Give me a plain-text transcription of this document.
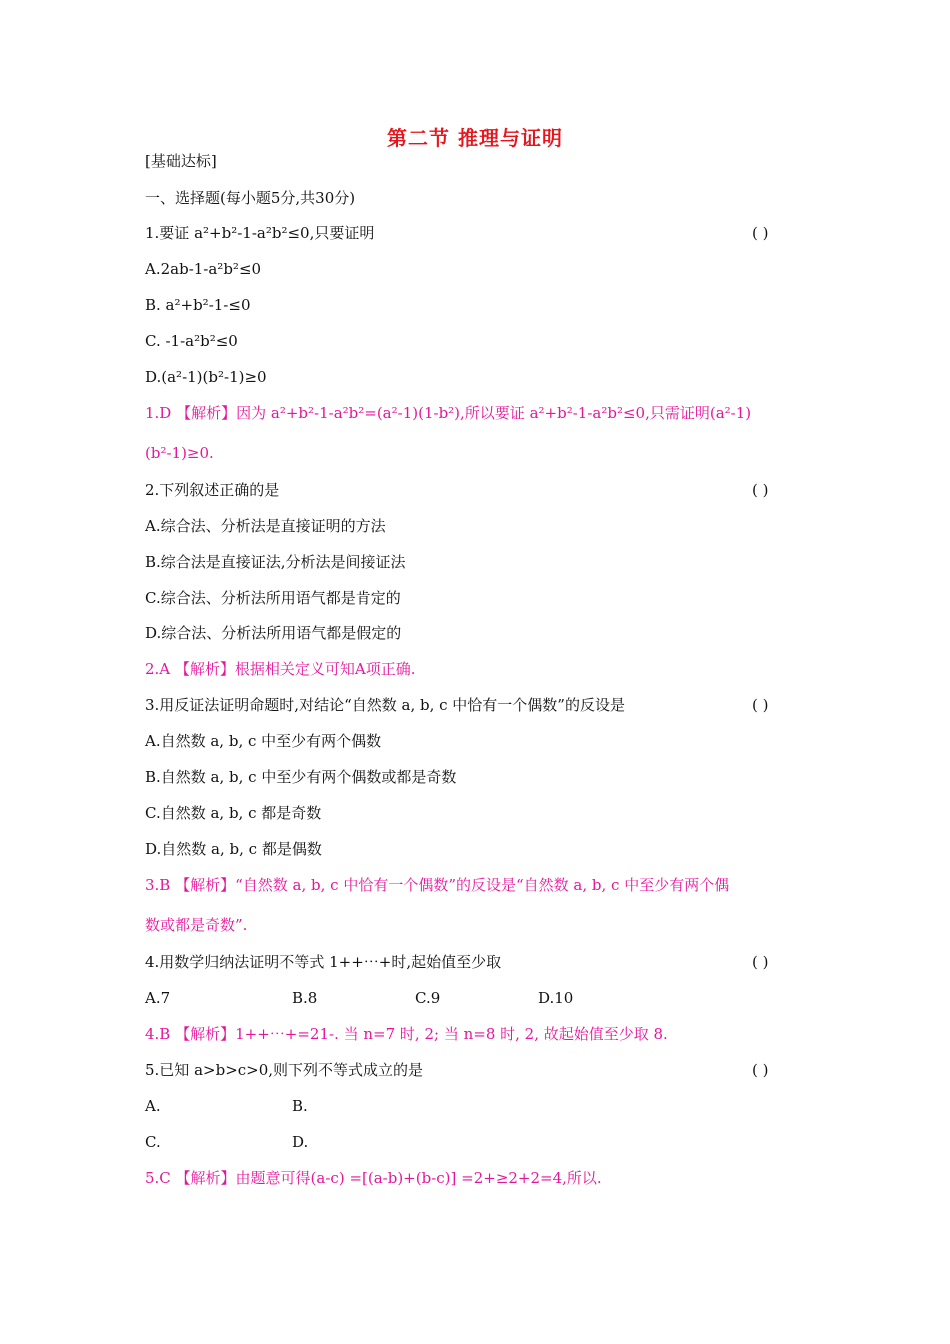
第二节 推理与证明
[基础达标]
一、选择题(每小题5分,共30分)
1.要证 a²+b²-1-a²b²≤0,只要证明	( )
A.2ab-1-a²b²≤0
B. a²+b²-1-≤0
C. -1-a²b²≤0
D.(a²-1)(b²-1)≥0
1.D 【解析】因为 a²+b²-1-a²b²=(a²-1)(1-b²),所以要证 a²+b²-1-a²b²≤0,只需证明(a²-1)
(b²-1)≥0.
2.下列叙述正确的是	( )
A.综合法、分析法是直接证明的方法
B.综合法是直接证法,分析法是间接证法
C.综合法、分析法所用语气都是肯定的
D.综合法、分析法所用语气都是假定的
2.A 【解析】根据相关定义可知A项正确.
3.用反证法证明命题时,对结论“自然数 a, b, c 中恰有一个偶数”的反设是	( )
A.自然数 a, b, c 中至少有两个偶数
B.自然数 a, b, c 中至少有两个偶数或都是奇数
C.自然数 a, b, c 都是奇数
D.自然数 a, b, c 都是偶数
3.B 【解析】“自然数 a, b, c 中恰有一个偶数”的反设是“自然数 a, b, c 中至少有两个偶
数或都是奇数”.
4.用数学归纳法证明不等式 1++⋯+时,起始值至少取	( )
A.7	B.8	C.9	D.10
4.B 【解析】1++⋯+=21-. 当 n=7 时, 2; 当 n=8 时, 2, 故起始值至少取 8.
5.已知 a>b>c>0,则下列不等式成立的是	( )
A.	B.
C.	D.
5.C 【解析】由题意可得(a-c) =[(a-b)+(b-c)] =2+≥2+2=4,所以.
